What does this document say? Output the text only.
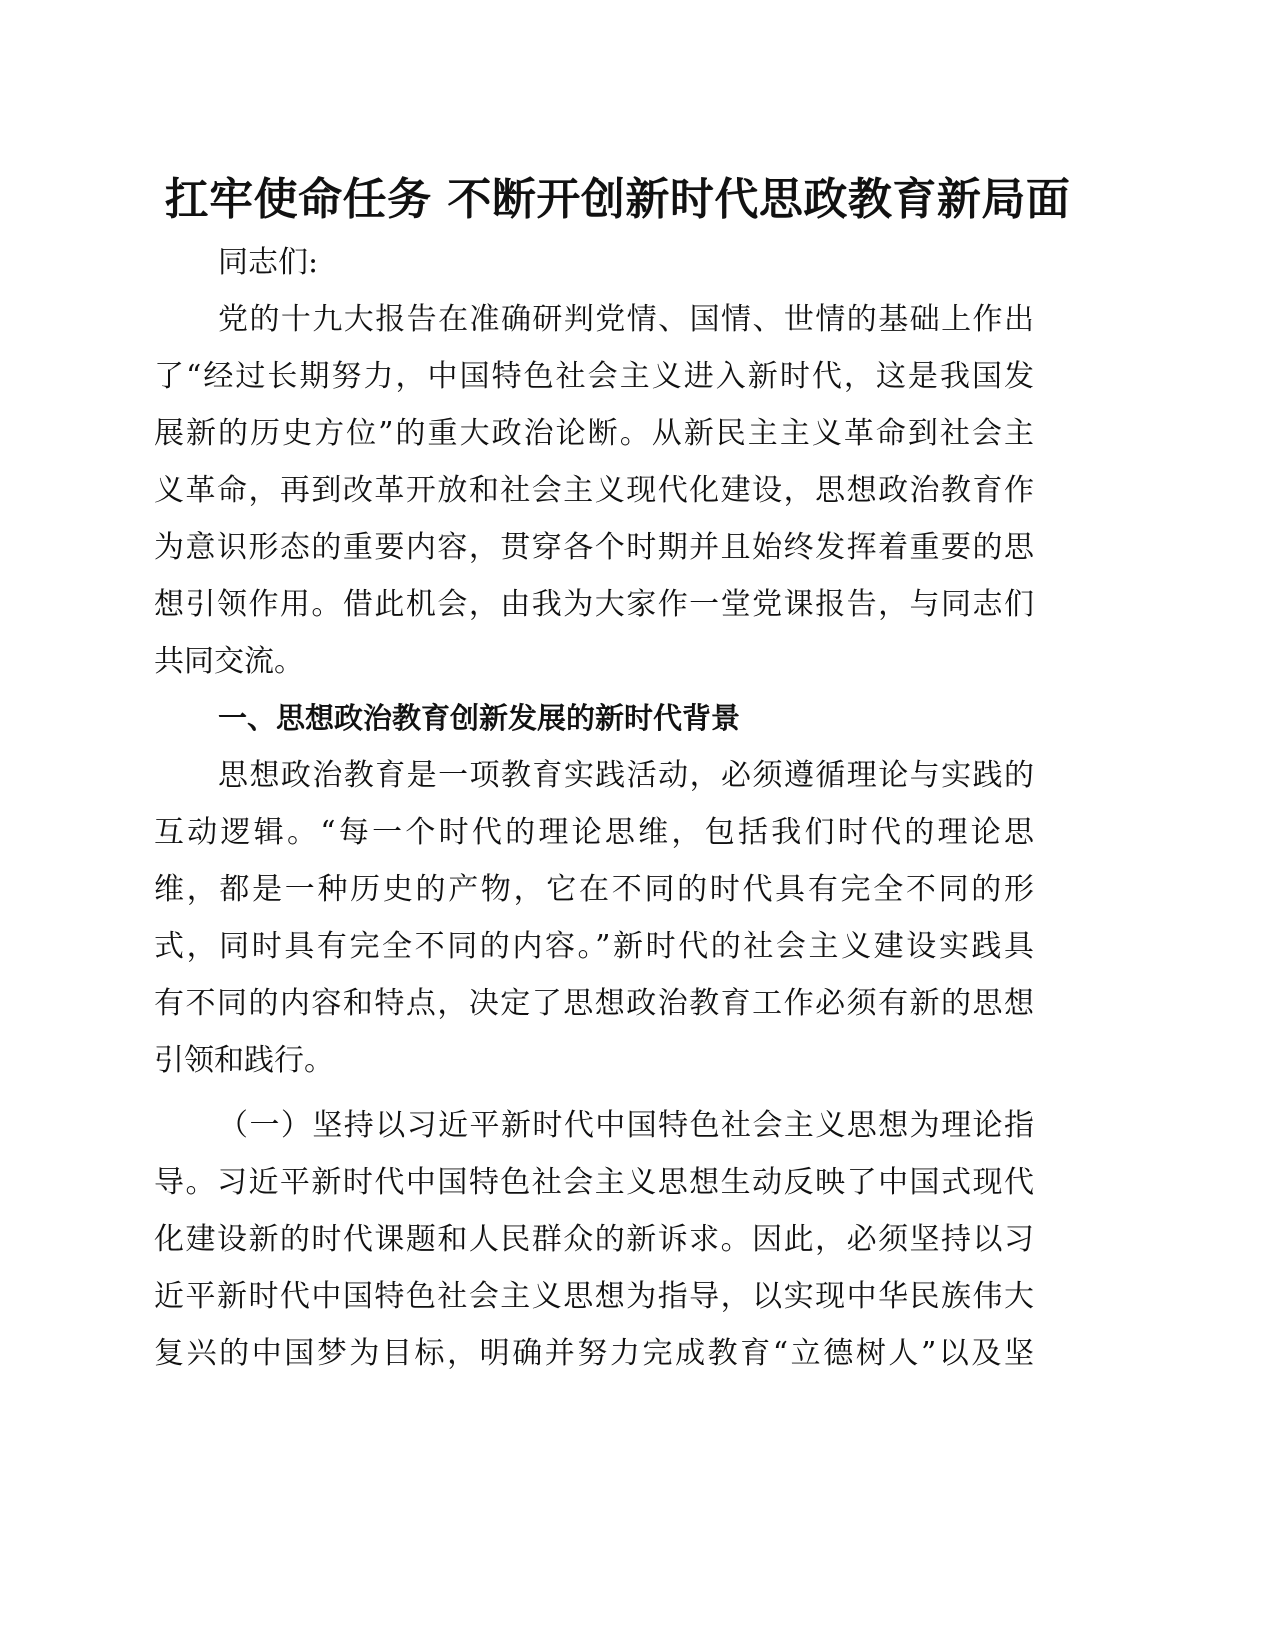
扛牢使命任务 不断开创新时代思政教育新局面
同志们:
党的十九大报告在准确研判党情、国情、世情的基础上作出
了“经过长期努力，中国特色社会主义进入新时代，这是我国发
展新的历史方位”的重大政治论断。从新民主主义革命到社会主
义革命，再到改革开放和社会主义现代化建设，思想政治教育作
为意识形态的重要内容，贯穿各个时期并且始终发挥着重要的思
想引领作用。借此机会，由我为大家作一堂党课报告，与同志们
共同交流。
一、思想政治教育创新发展的新时代背景
思想政治教育是一项教育实践活动，必须遵循理论与实践的
互动逻辑。“每一个时代的理论思维，包括我们时代的理论思
维，都是一种历史的产物，它在不同的时代具有完全不同的形
式，同时具有完全不同的内容。”新时代的社会主义建设实践具
有不同的内容和特点，决定了思想政治教育工作必须有新的思想
引领和践行。
（一）坚持以习近平新时代中国特色社会主义思想为理论指
导。习近平新时代中国特色社会主义思想生动反映了中国式现代
化建设新的时代课题和人民群众的新诉求。因此，必须坚持以习
近平新时代中国特色社会主义思想为指导，以实现中华民族伟大
复兴的中国梦为目标，明确并努力完成教育“立德树人”以及坚
